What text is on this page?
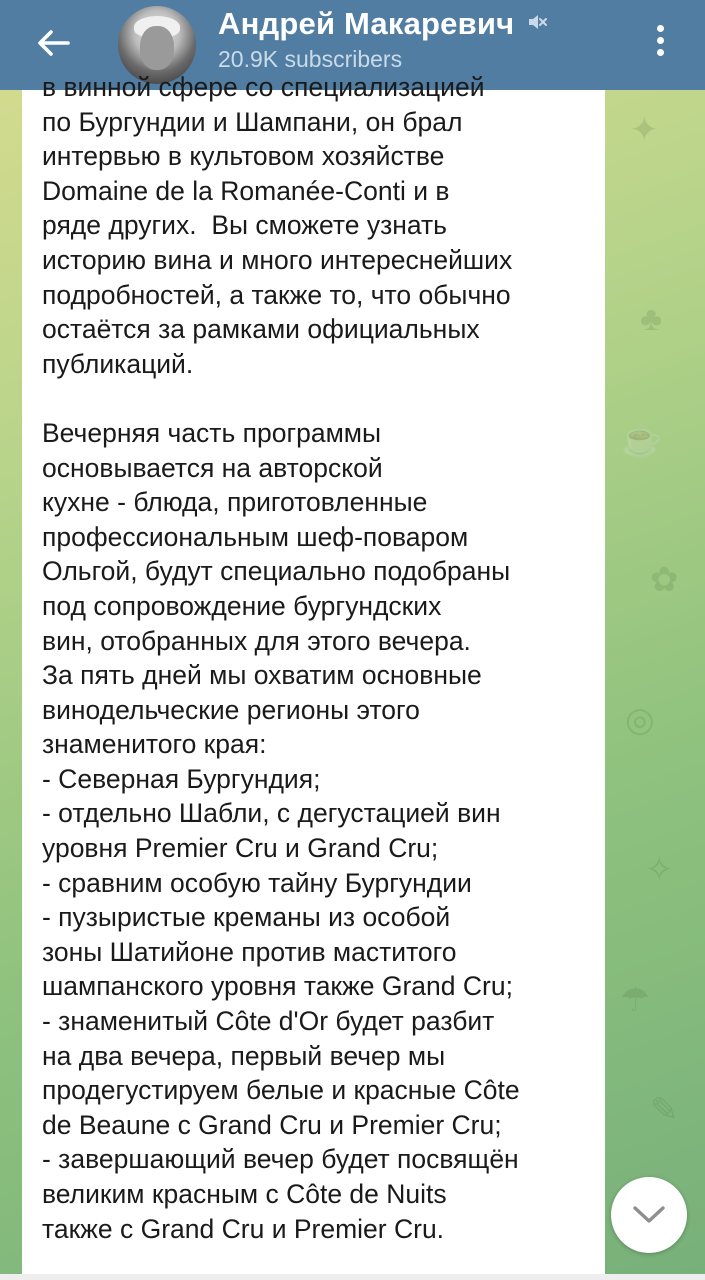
✦
♣
☕
✿
◎
✧
☂
✎
Андрей Макаревич
20.9K subscribers
в винной сфере со специализацией
по Бургундии и Шампани, он брал
интервью в культовом хозяйстве
Domaine de la Romanée-Conti и в
ряде других.  Вы сможете узнать
историю вина и много интереснейших
подробностей, а также то, что обычно
остаётся за рамками официальных
публикаций.

Вечерняя часть программы
основывается на авторской
кухне - блюда, приготовленные
профессиональным шеф-поваром
Ольгой, будут специально подобраны
под сопровождение бургундских
вин, отобранных для этого вечера.
За пять дней мы охватим основные
винодельческие регионы этого
знаменитого края:
- Северная Бургундия;
- отдельно Шабли, с дегустацией вин
уровня Premier Cru и Grand Cru;
- сравним особую тайну Бургундии
- пузыристые креманы из особой
зоны Шатийоне против маститого
шампанского уровня также Grand Cru;
- знаменитый Côte d'Or будет разбит
на два вечера, первый вечер мы
продегустируем белые и красные Côte
de Beaune с Grand Cru и Premier Cru;
- завершающий вечер будет посвящён
великим красным с Côte de Nuits
также с Grand Cru и Premier Cru.
